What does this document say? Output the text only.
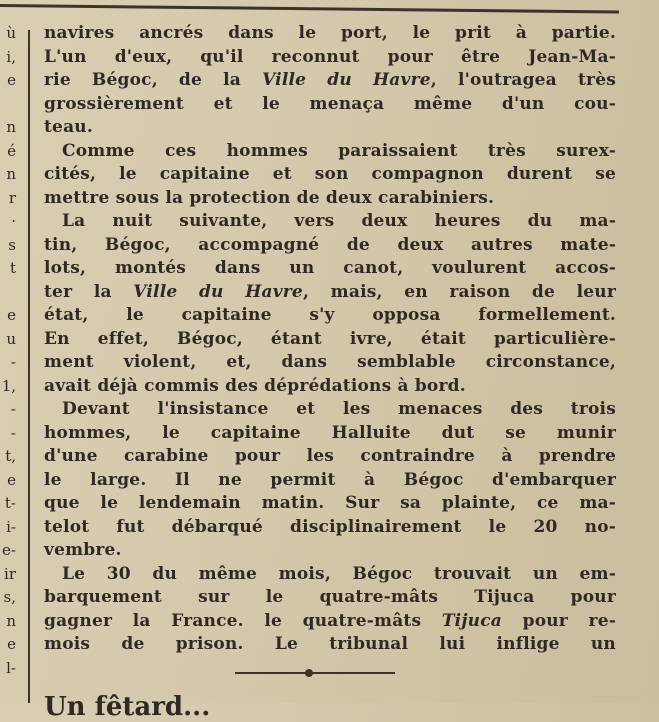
ù
i,
e
n
é
n
r
·
s
t
e
u
-
1,
-
-
t,
e
t-
i-
e-
ir
s,
n
e
l-
navires ancrés dans le port, le prit à partie.
L'un d'eux, qu'il reconnut pour être Jean-Ma-
rie Bégoc, de la Ville du Havre, l'outragea très
grossièrement et le menaça même d'un cou-
teau.
Comme ces hommes paraissaient très surex-
cités, le capitaine et son compagnon durent se
mettre sous la protection de deux carabiniers.
La nuit suivante, vers deux heures du ma-
tin, Bégoc, accompagné de deux autres mate-
lots, montés dans un canot, voulurent accos-
ter la Ville du Havre, mais, en raison de leur
état, le capitaine s'y opposa formellement.
En effet, Bégoc, étant ivre, était particulière-
ment violent, et, dans semblable circonstance,
avait déjà commis des déprédations à bord.
Devant l'insistance et les menaces des trois
hommes, le capitaine Halluite dut se munir
d'une carabine pour les contraindre à prendre
le large. Il ne permit à Bégoc d'embarquer
que le lendemain matin. Sur sa plainte, ce ma-
telot fut débarqué disciplinairement le 20 no-
vembre.
Le 30 du même mois, Bégoc trouvait un em-
barquement sur le quatre-mâts Tijuca pour
gagner la France. le quatre-mâts Tijuca pour re-
mois de prison. Le tribunal lui inflige un
Un fêtard...
